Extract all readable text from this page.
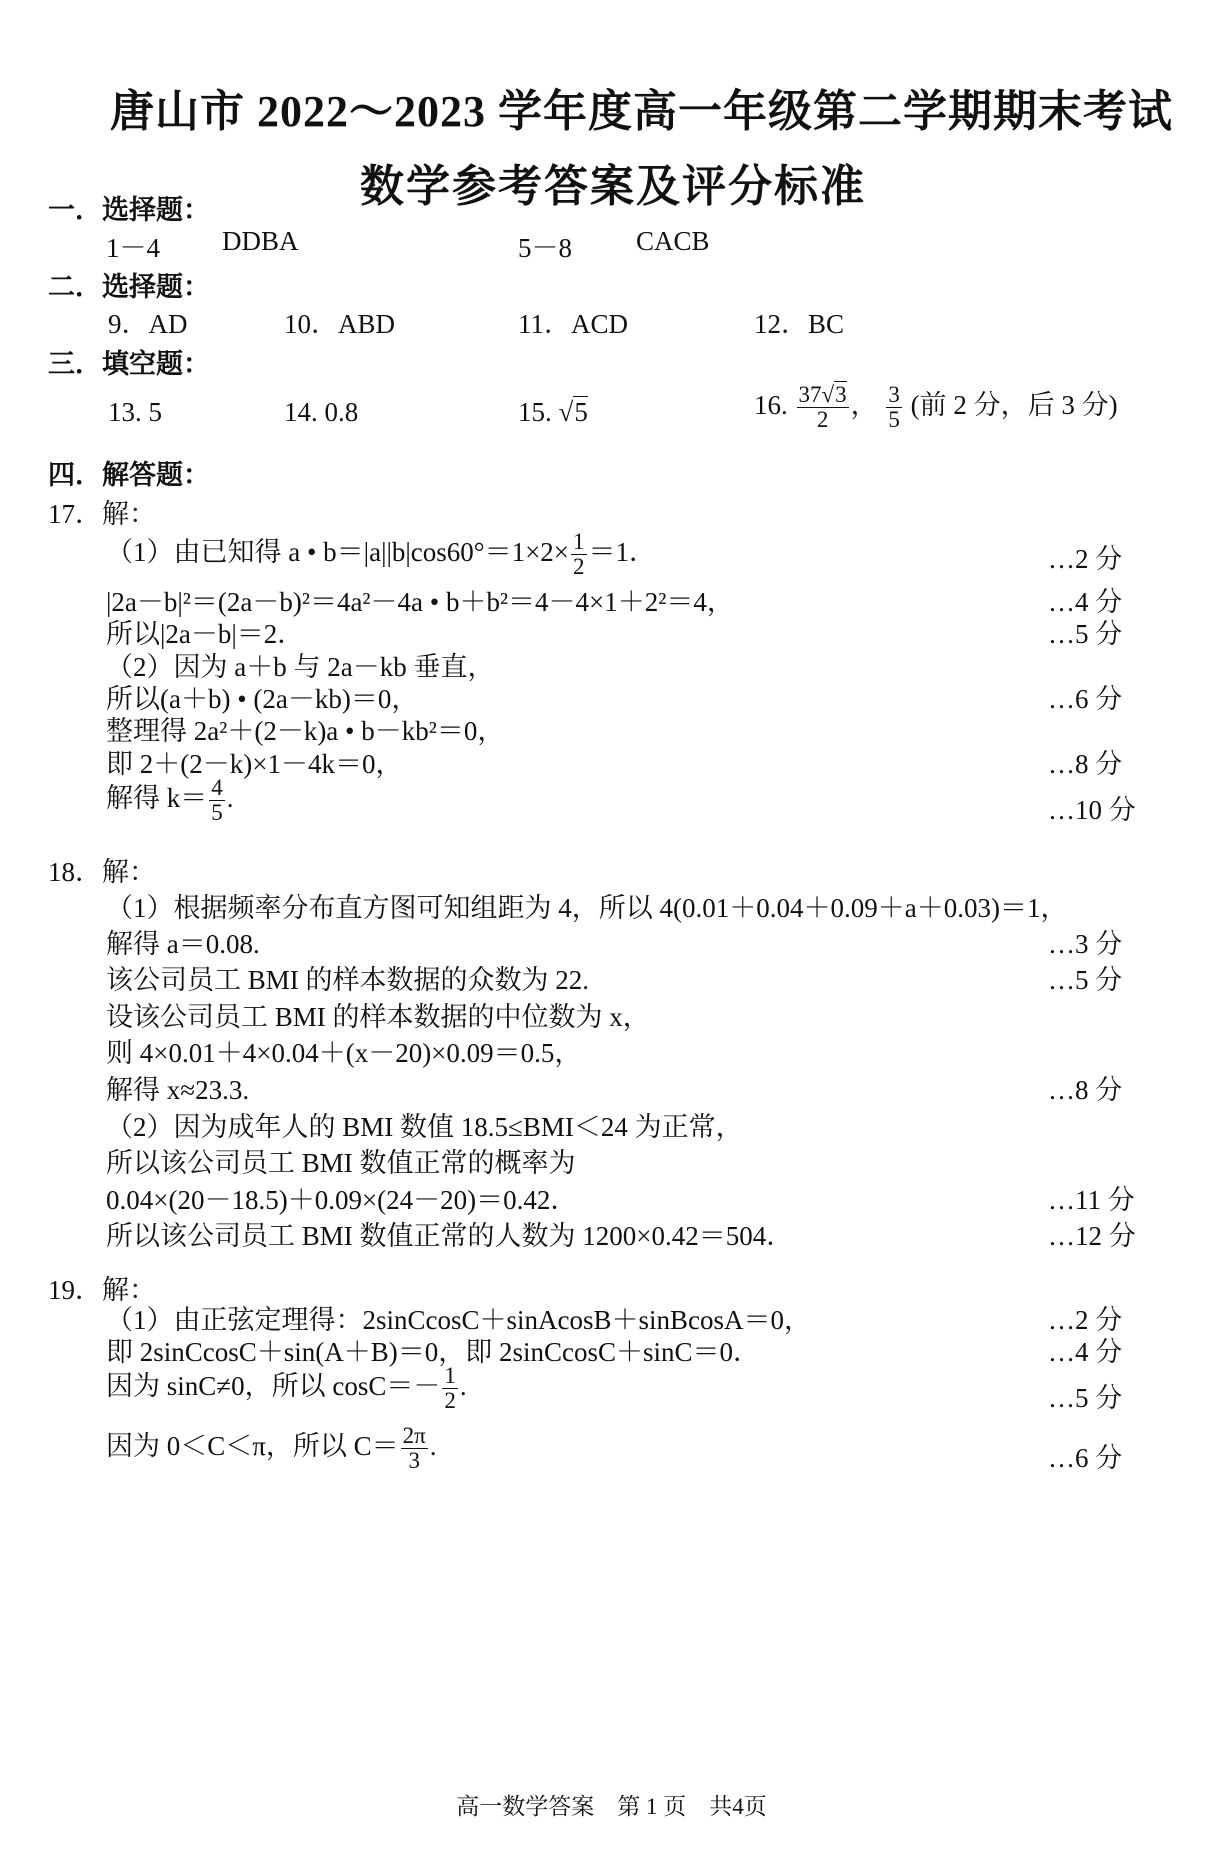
唐山市 2022～2023 学年度高一年级第二学期期末考试
数学参考答案及评分标准
一．选择题：
1－4 DDBA	5－8 CACB
二．选择题：
9．AD	10．ABD	11．ACD	12．BC
三．填空题：
13. 5	14. 0.8	15. √5	16. $\frac{37√3}{2}$ ， $\frac{3}{5}$ (前 2 分，后 3 分)
四．解答题：
17．解：
（1）由已知得 a • $b=|a||b|\cos 60^\circ=1\times 2\times \frac{1}{2} =1$．	…2 分
|2a－b|²＝(2a－b)²＝4a²－4a • b＋b²＝4－4×1＋2²＝4，	…4 分
所以|2a－b|＝2．	…5 分
（2）因为 a＋b 与 2a－kb 垂直，
所以(a＋b) • (2a－kb)＝0，	…6 分
整理得 2a²＋(2－k)a • b－kb²＝0，
即 2＋(2－k)×1－4k＝0，	…8 分
解得 $k= \frac{4}{5}$ .	…10 分
18．解：
（1）根据频率分布直方图可知组距为 4，所以 4(0.01＋0.04＋0.09＋a＋0.03)＝1，
解得 a＝0.08.	…3 分
该公司员工 BMI 的样本数据的众数为 22.	…5 分
设该公司员工 BMI 的样本数据的中位数为 x，
则 4×0.01＋4×0.04＋(x－20)×0.09＝0.5，
解得 x≈23.3.	…8 分
（2）因为成年人的 BMI 数值 18.5≤BMI＜24 为正常，
所以该公司员工 BMI 数值正常的概率为
0.04×(20－18.5)＋0.09×(24－20)＝0.42．	…11 分
所以该公司员工 BMI 数值正常的人数为 1200×0.42＝504．	…12 分
19．解：
（1）由正弦定理得：2sinCcosC＋sinAcosB＋sinBcosA＝0，	…2 分
即 2sinCcosC＋sin(A＋B)＝0，即 2sinCcosC＋sinC＝0．	…4 分
因为 sinC≠0，所以 $\cos C=- \frac{1}{2}$ .	…5 分
因为 0＜C＜π，所以 $C= \frac{2\pi}{3}$ .	…6 分
高一数学答案　第 1 页　共4页
